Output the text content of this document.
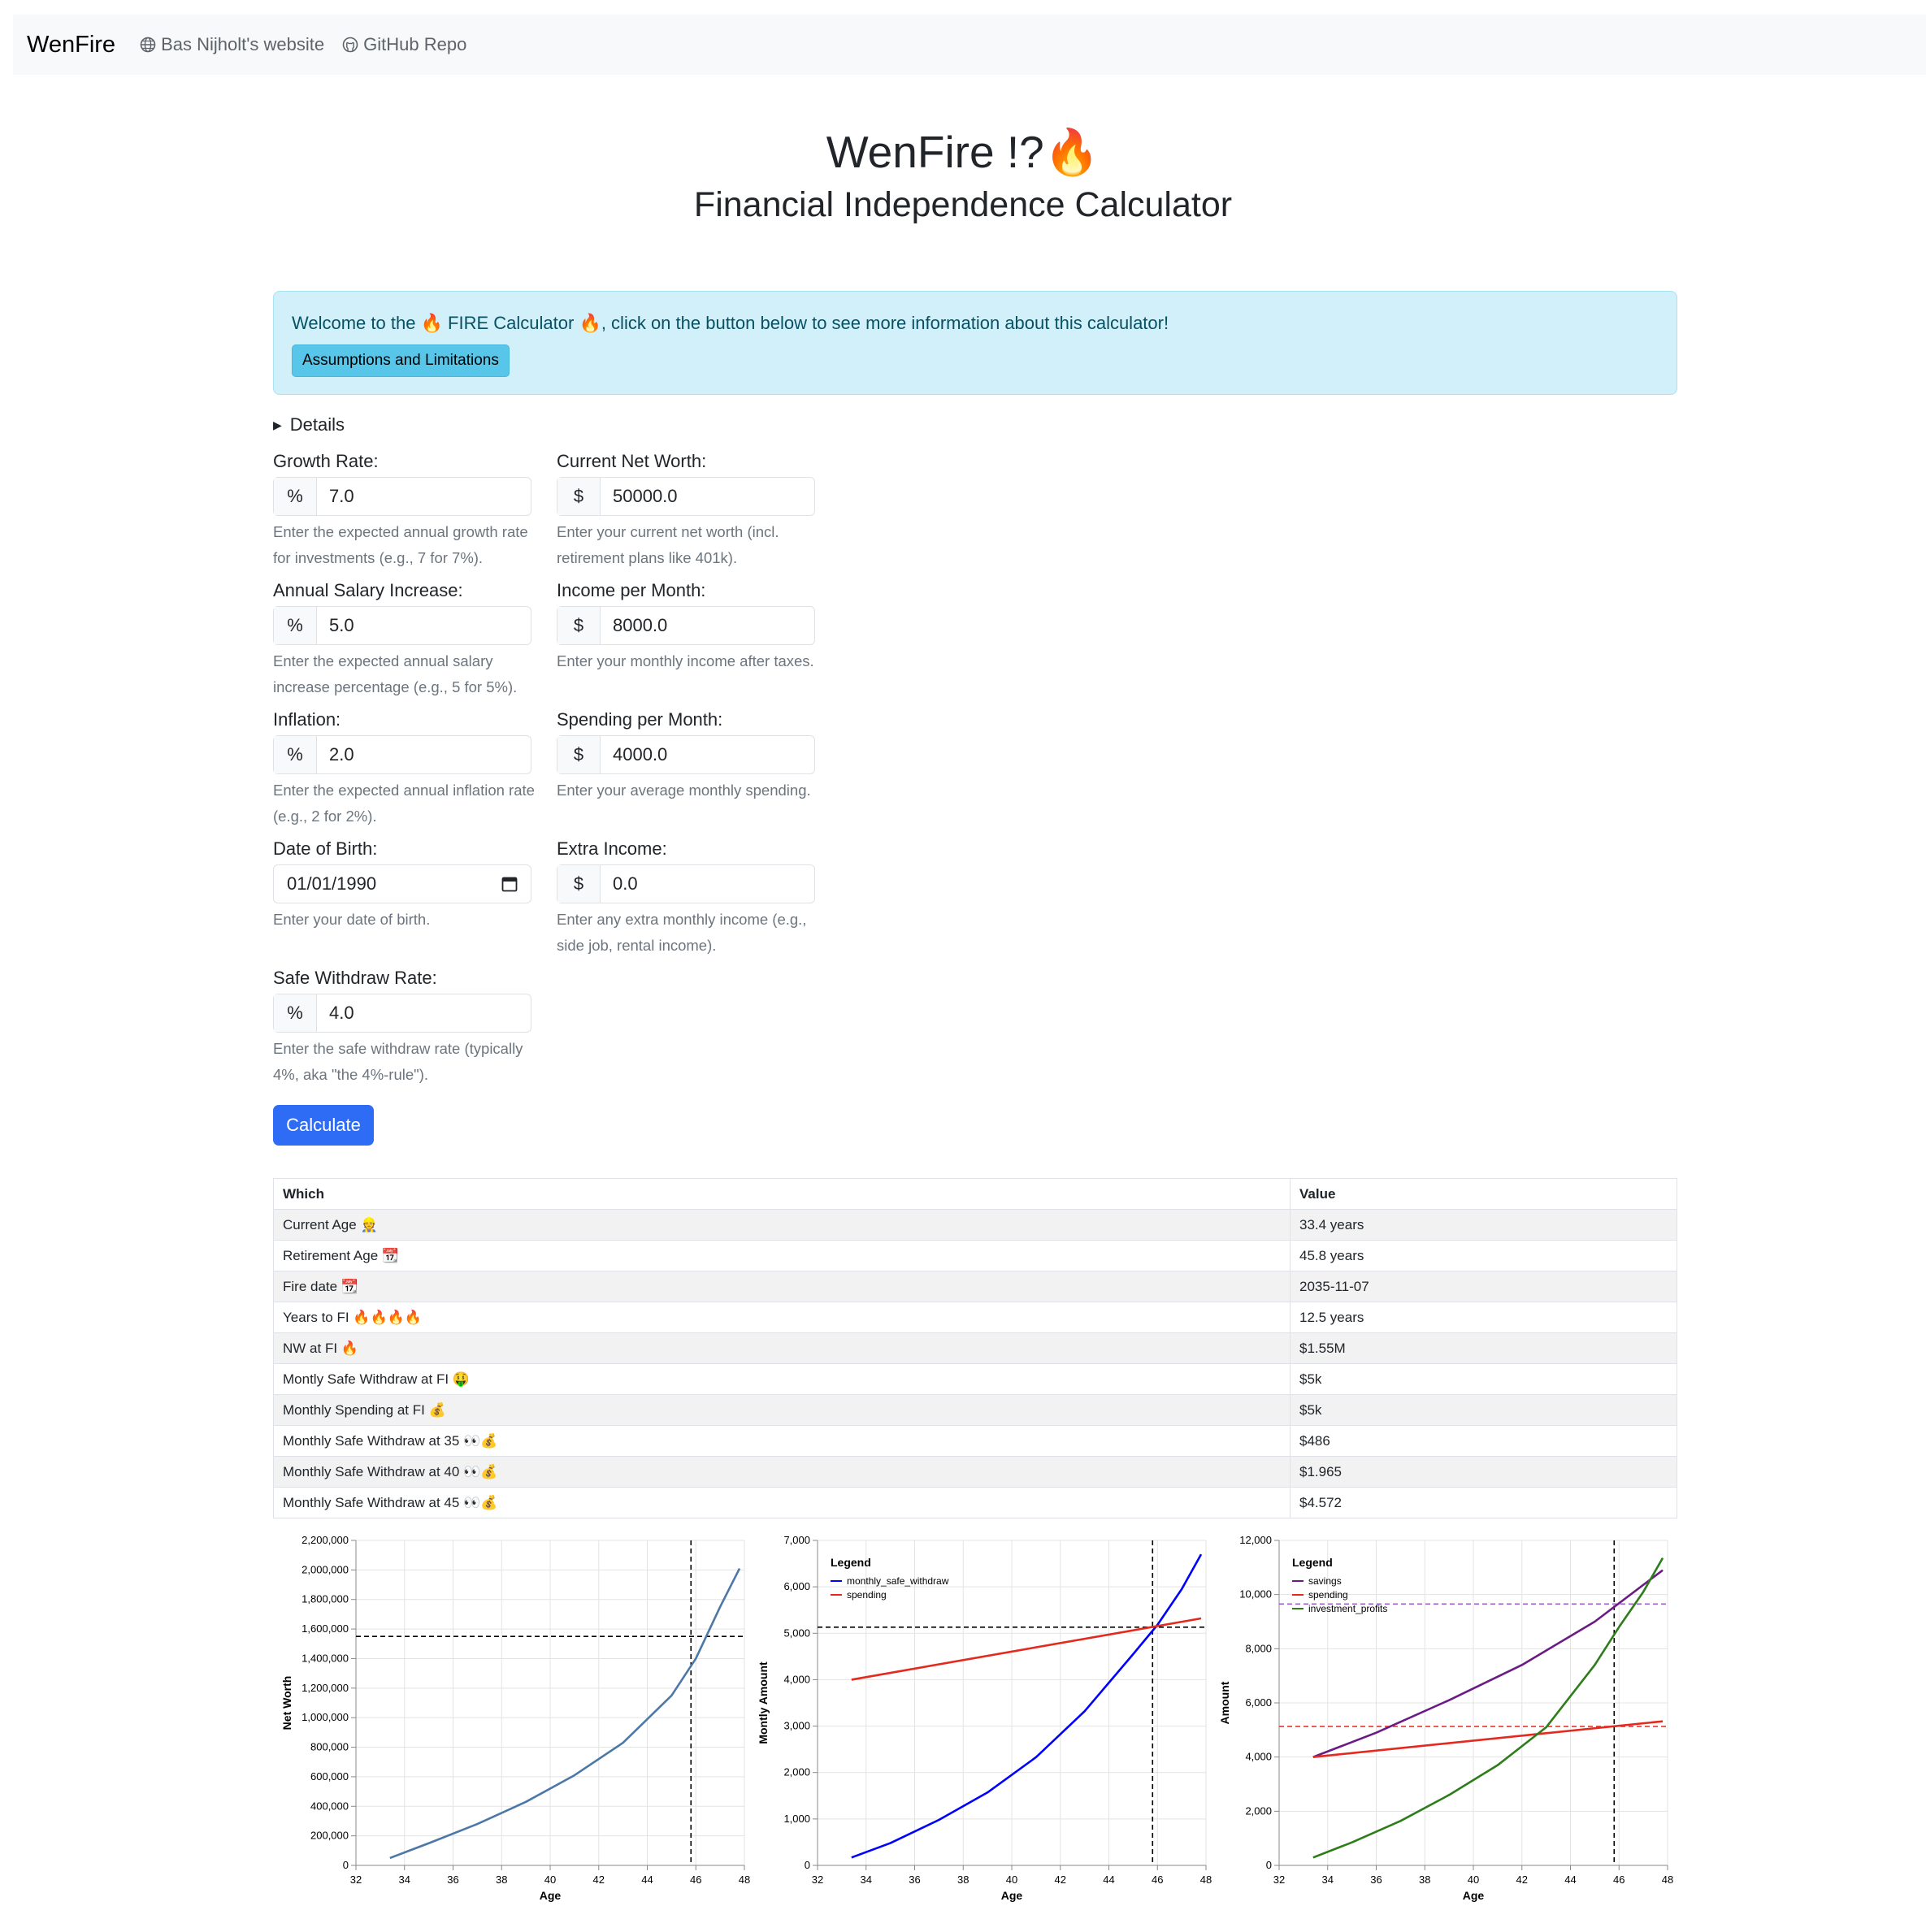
WenFire	Bas Nijholt's website GitHub Repo
WenFire !?🔥
Financial Independence Calculator
Welcome to the 🔥 FIRE Calculator 🔥, click on the button below to see more information about this calculator!
Assumptions and Limitations
▶ Details
Growth Rate:
%	7.0
Enter the expected annual growth rate for investments (e.g., 7 for 7%).
Annual Salary Increase:
%	5.0
Enter the expected annual salary increase percentage (e.g., 5 for 5%).
Inflation:
%	2.0
Enter the expected annual inflation rate (e.g., 2 for 2%).
Date of Birth:
01/01/1990
Enter your date of birth.
Safe Withdraw Rate:
%	4.0
Enter the safe withdraw rate (typically 4%, aka "the 4%-rule").
Current Net Worth:
$	50000.0
Enter your current net worth (incl. retirement plans like 401k).
Income per Month:
$	8000.0
Enter your monthly income after taxes.
Spending per Month:
$	4000.0
Enter your average monthly spending.
Extra Income:
$	0.0
Enter any extra monthly income (e.g., side job, rental income).
Calculate
Which	Value
Current Age 👷	33.4 years
Retirement Age 📆	45.8 years
Fire date 📆	2035-11-07
Years to FI 🔥🔥🔥🔥	12.5 years
NW at FI 🔥	$1.55M
Montly Safe Withdraw at FI 🤑	$5k
Monthly Spending at FI 💰	$5k
Monthly Safe Withdraw at 35 👀💰	$486
Monthly Safe Withdraw at 40 👀💰	$1.965
Monthly Safe Withdraw at 45 👀💰	$4.572
32	34	36	38	40	42	44	46	48
0
200,000
400,000
600,000
800,000
1,000,000
1,200,000
1,400,000
1,600,000
1,800,000
2,000,000
2,200,000
Age
Net Worth
32	34	36	38	40	42	44	46	48
0
1,000
2,000
3,000
4,000
5,000
6,000
7,000
Age
Montly Amount
Legend
monthly_safe_withdraw
spending
32	34	36	38	40	42	44	46	48
0
2,000
4,000
6,000
8,000
10,000
12,000
Age
Amount
Legend
savings
spending
investment_profits
